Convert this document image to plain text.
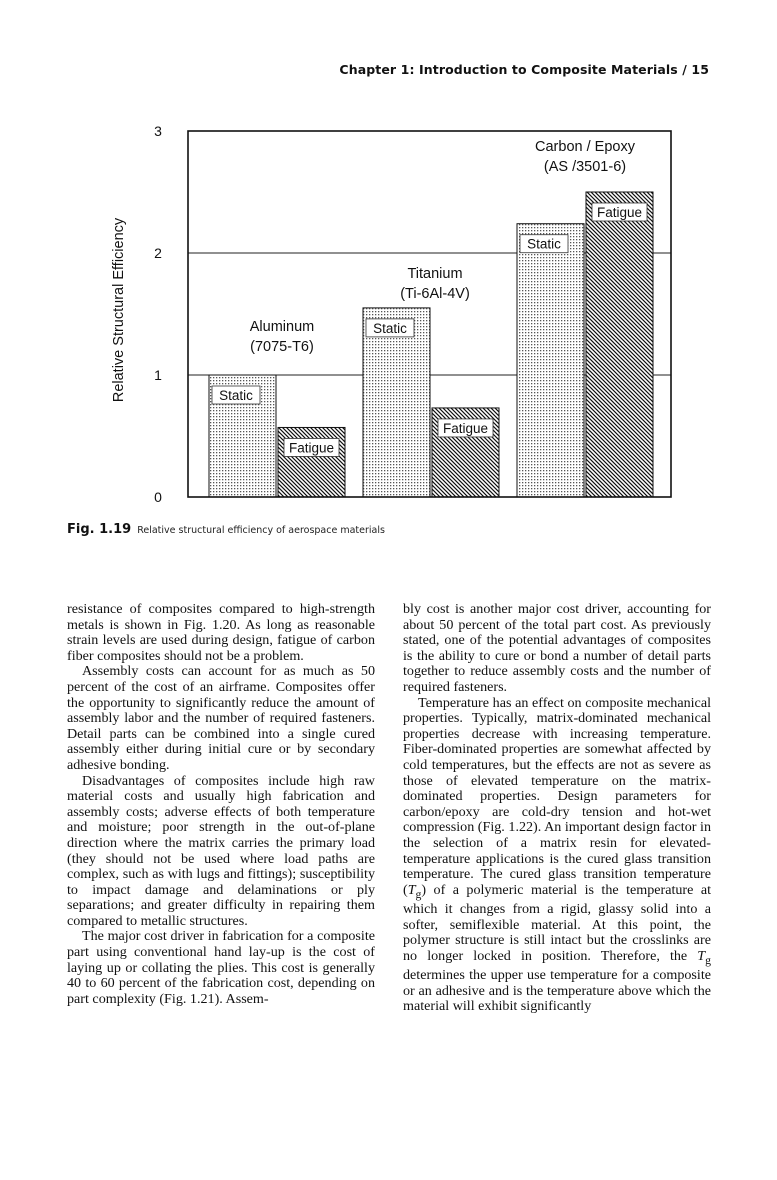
Chapter 1: Introduction to Composite Materials / 15
0
1
2
3
Relative Structural Efficiency	Static
Fatigue
Aluminum
(7075-T6)
Static
Fatigue
Titanium
(Ti-6Al-4V)
Static
Fatigue
Carbon / Epoxy
(AS /3501-6)
Fig. 1.19 Relative structural efficiency of aerospace materials

resistance of composites compared to high-strength metals is shown in Fig. 1.20. As long as reasonable strain levels are used during design, fatigue of carbon fiber composites should not be a problem.

Assembly costs can account for as much as 50 percent of the cost of an airframe. Composites offer the opportunity to significantly reduce the amount of assembly labor and the number of required fasteners. Detail parts can be combined into a single cured assembly either during initial cure or by secondary adhesive bonding.

Disadvantages of composites include high raw material costs and usually high fabrication and assembly costs; adverse effects of both temperature and moisture; poor strength in the out-of-plane direction where the matrix carries the primary load (they should not be used where load paths are complex, such as with lugs and fittings); susceptibility to impact damage and delaminations or ply separations; and greater difficulty in repairing them compared to metallic structures.

The major cost driver in fabrication for a composite part using conventional hand lay-up is the cost of laying up or collating the plies. This cost is generally 40 to 60 percent of the fabrication cost, depending on part complexity (Fig. 1.21). Assem-

bly cost is another major cost driver, accounting for about 50 percent of the total part cost. As previously stated, one of the potential advantages of composites is the ability to cure or bond a number of detail parts together to reduce assembly costs and the number of required fasteners.

Temperature has an effect on composite mechanical properties. Typically, matrix-dominated mechanical properties decrease with increasing temperature. Fiber-dominated properties are somewhat affected by cold temperatures, but the effects are not as severe as those of elevated temperature on the matrix-dominated properties. Design parameters for carbon/epoxy are cold-dry tension and hot-wet compression (Fig. 1.22). An important design factor in the selection of a matrix resin for elevated-temperature applications is the cured glass transition temperature. The cured glass transition temperature $(T_g)$ of a polymeric material is the temperature at which it changes from a rigid, glassy solid into a softer, semiflexible material. At this point, the polymer structure is still intact but the crosslinks are no longer locked in position. Therefore, the $T_g$ determines the upper use temperature for a composite or an adhesive and is the temperature above which the material will exhibit significantly
